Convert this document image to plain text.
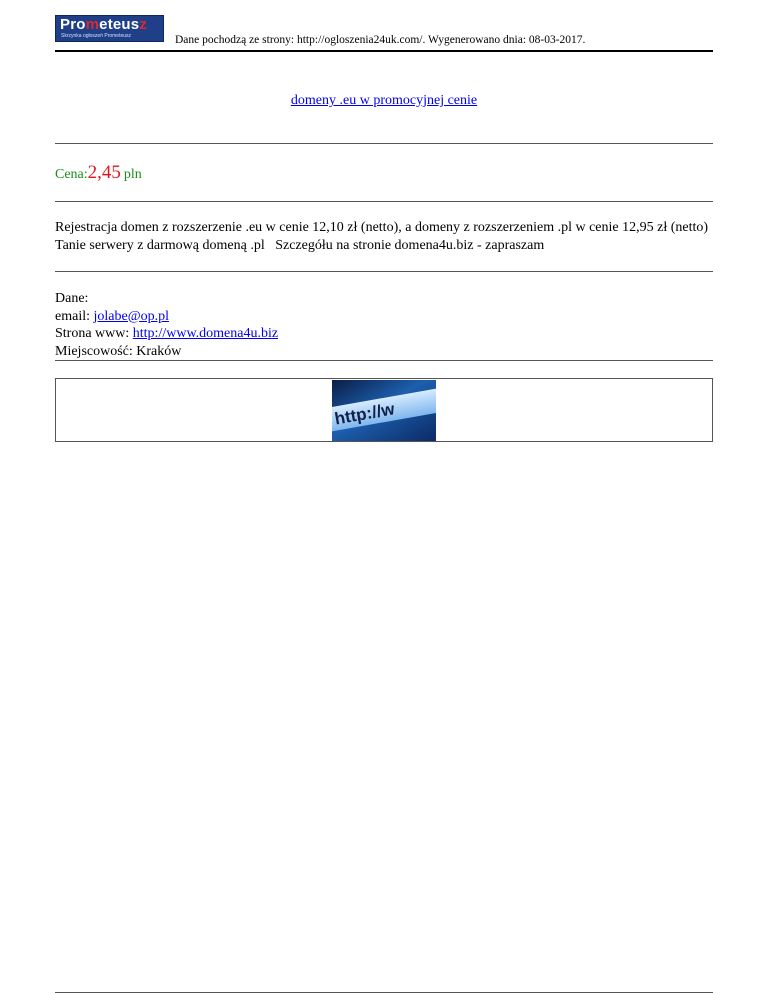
Prometeusz
Skrzynka ogłoszeń Prometeusz	Dane pochodzą ze strony: http://ogloszenia24uk.com/. Wygenerowano dnia: 08-03-2017.
domeny .eu w promocyjnej cenie
Cena:2,45 pln
Rejestracja domen z rozszerzenie .eu w cenie 12,10 zł (netto), a domeny z rozszerzeniem .pl w cenie 12,95 zł (netto) Tanie serwery z darmową domeną .pl   Szczegółu na stronie domena4u.biz - zapraszam
Dane:
email: jolabe@op.pl
Strona www: http://www.domena4u.biz
Miejscowość: Kraków
http://w
